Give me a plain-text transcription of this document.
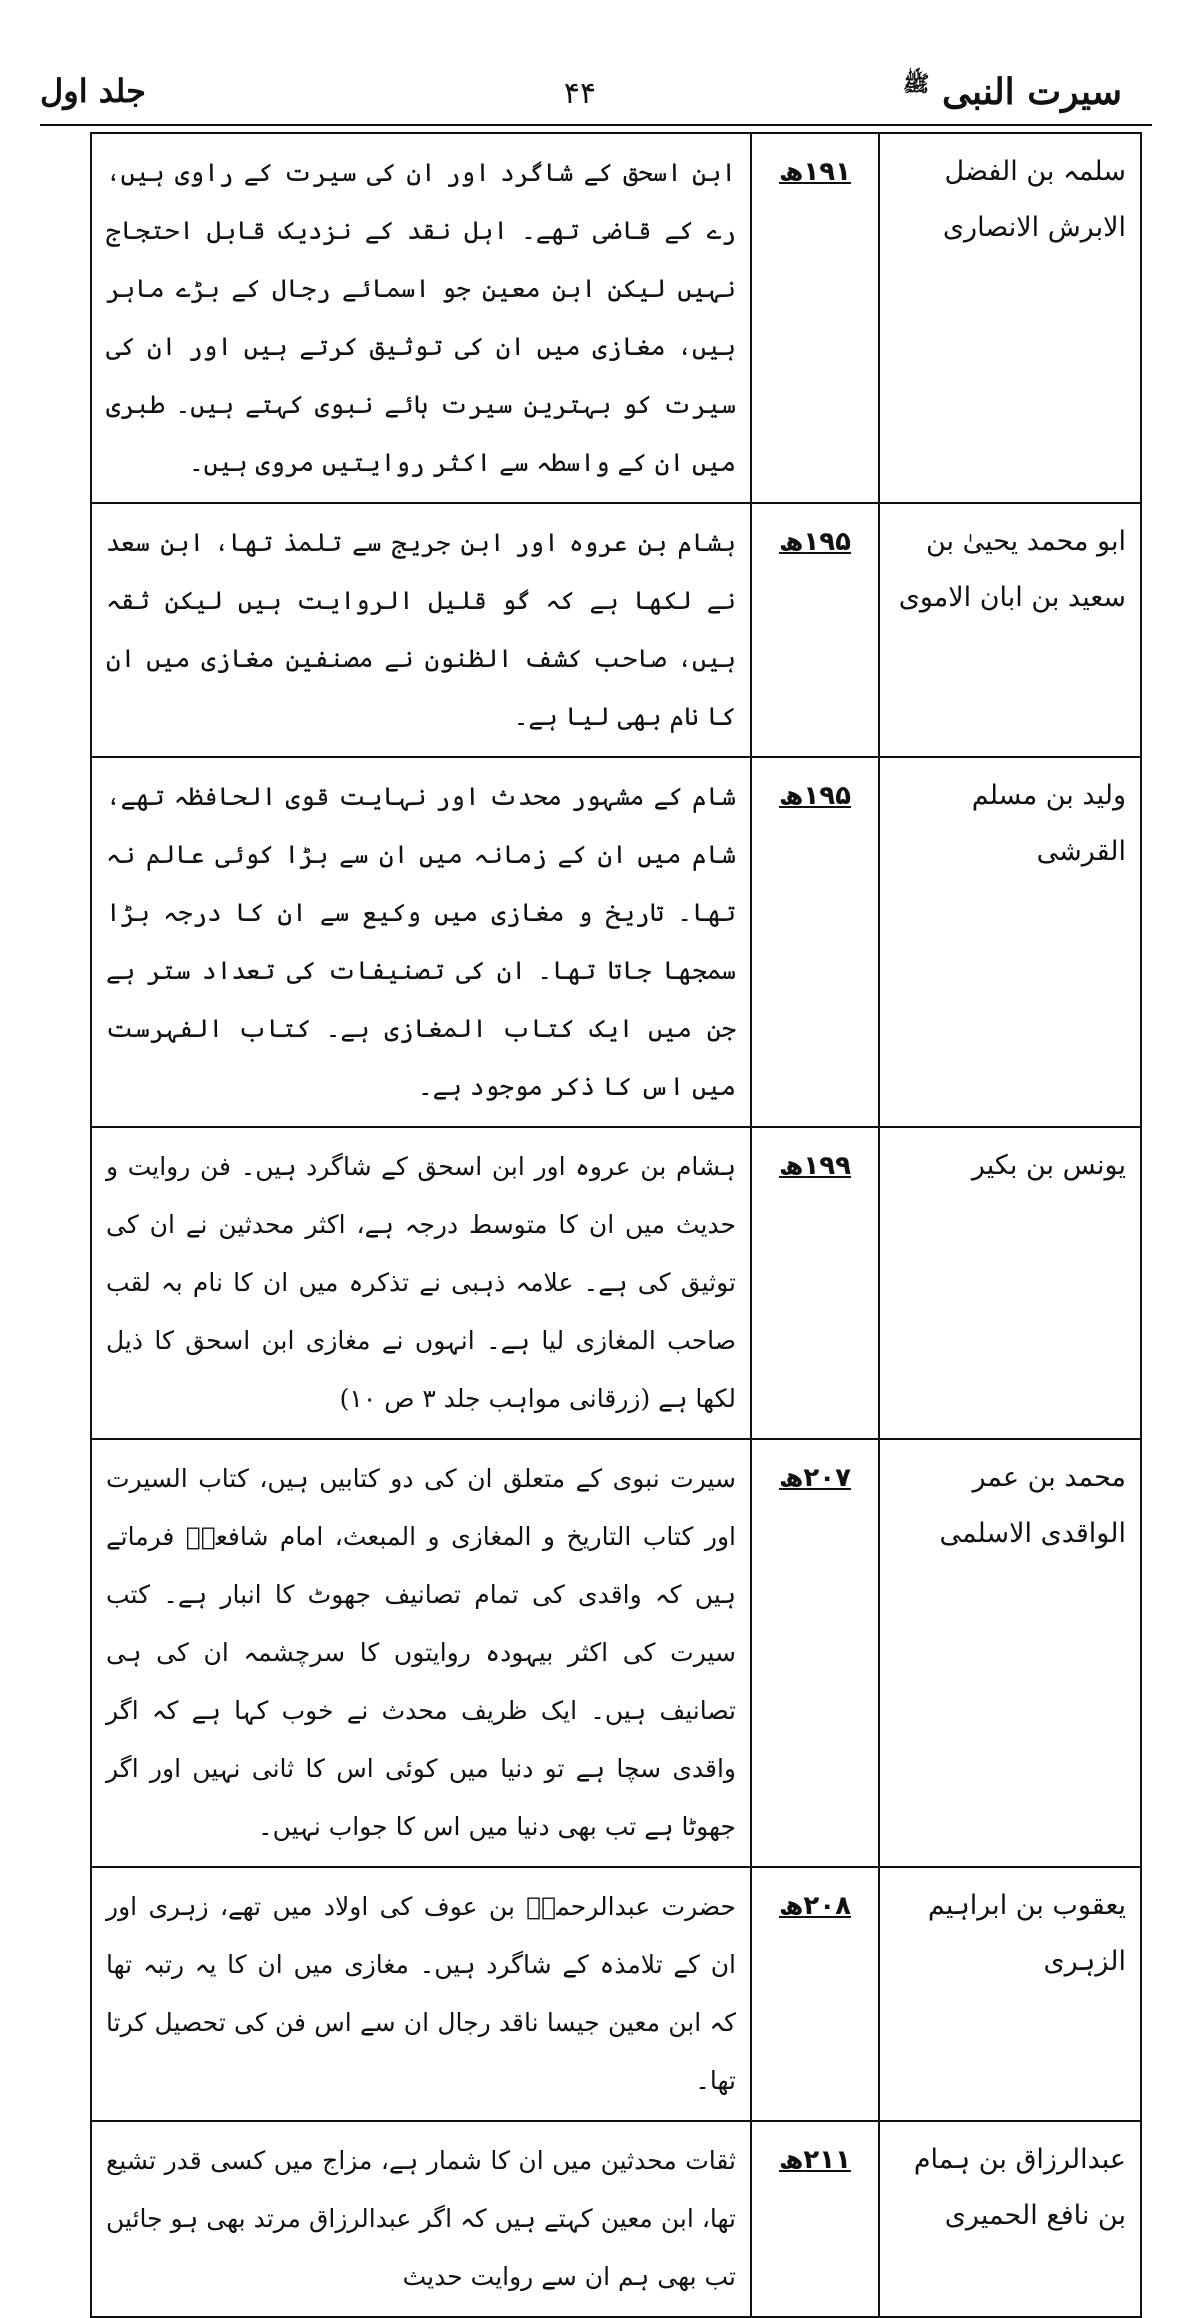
سیرت النبی $^ﷺ$
۴۴
جلد اول
سلمہ بن الفضل الابرش الانصاری	۱۹۱ھ	ابن اسحق کے شاگرد اور ان کی سیرت کے راوی ہیں، رے کے قاضی تھے۔ اہل نقد کے نزدیک قابل احتجاج نہیں لیکن ابن معین جو اسمائے رجال کے بڑے ماہر ہیں، مغازی میں ان کی توثیق کرتے ہیں اور ان کی سیرت کو بہترین سیرت ہائے نبوی کہتے ہیں۔ طبری میں ان کے واسطہ سے اکثر روایتیں مروی ہیں۔
ابو محمد یحییٰ بن سعید بن ابان الاموی	۱۹۵ھ	ہشام بن عروہ اور ابن جریج سے تلمذ تھا، ابن سعد نے لکھا ہے کہ گو قلیل الروایت ہیں لیکن ثقہ ہیں، صاحب کشف الظنون نے مصنفین مغازی میں ان کا نام بھی لیا ہے۔
ولید بن مسلم القرشی	۱۹۵ھ	شام کے مشہور محدث اور نہایت قوی الحافظہ تھے، شام میں ان کے زمانہ میں ان سے بڑا کوئی عالم نہ تھا۔ تاریخ و مغازی میں وکیع سے ان کا درجہ بڑا سمجھا جاتا تھا۔ ان کی تصنیفات کی تعداد ستر ہے جن میں ایک کتاب المغازی ہے۔ کتاب الفہرست میں اس کا ذکر موجود ہے۔
یونس بن بکیر	۱۹۹ھ	ہشام بن عروہ اور ابن اسحق کے شاگرد ہیں۔ فن روایت و حدیث میں ان کا متوسط درجہ ہے، اکثر محدثین نے ان کی توثیق کی ہے۔ علامہ ذہبی نے تذکرہ میں ان کا نام بہ لقب صاحب المغازی لیا ہے۔ انہوں نے مغازی ابن اسحق کا ذیل لکھا ہے (زرقانی مواہب جلد ۳ ص ۱۰)
محمد بن عمر الواقدی الاسلمی	۲۰۷ھ	سیرت نبوی کے متعلق ان کی دو کتابیں ہیں، کتاب السیرت اور کتاب التاریخ و المغازی و المبعث، امام شافعیؒ فرماتے ہیں کہ واقدی کی تمام تصانیف جھوٹ کا انبار ہے۔ کتب سیرت کی اکثر بیہودہ روایتوں کا سرچشمہ ان کی ہی تصانیف ہیں۔ ایک ظریف محدث نے خوب کہا ہے کہ اگر واقدی سچا ہے تو دنیا میں کوئی اس کا ثانی نہیں اور اگر جھوٹا ہے تب بھی دنیا میں اس کا جواب نہیں۔
یعقوب بن ابراہیم الزہری	۲۰۸ھ	حضرت عبدالرحمنؓ بن عوف کی اولاد میں تھے، زہری اور ان کے تلامذہ کے شاگرد ہیں۔ مغازی میں ان کا یہ رتبہ تھا کہ ابن معین جیسا ناقد رجال ان سے اس فن کی تحصیل کرتا تھا۔
عبدالرزاق بن ہمام بن نافع الحمیری	۲۱۱ھ	ثقات محدثین میں ان کا شمار ہے، مزاج میں کسی قدر تشیع تھا، ابن معین کہتے ہیں کہ اگر عبدالرزاق مرتد بھی ہو جائیں تب بھی ہم ان سے روایت حدیث
